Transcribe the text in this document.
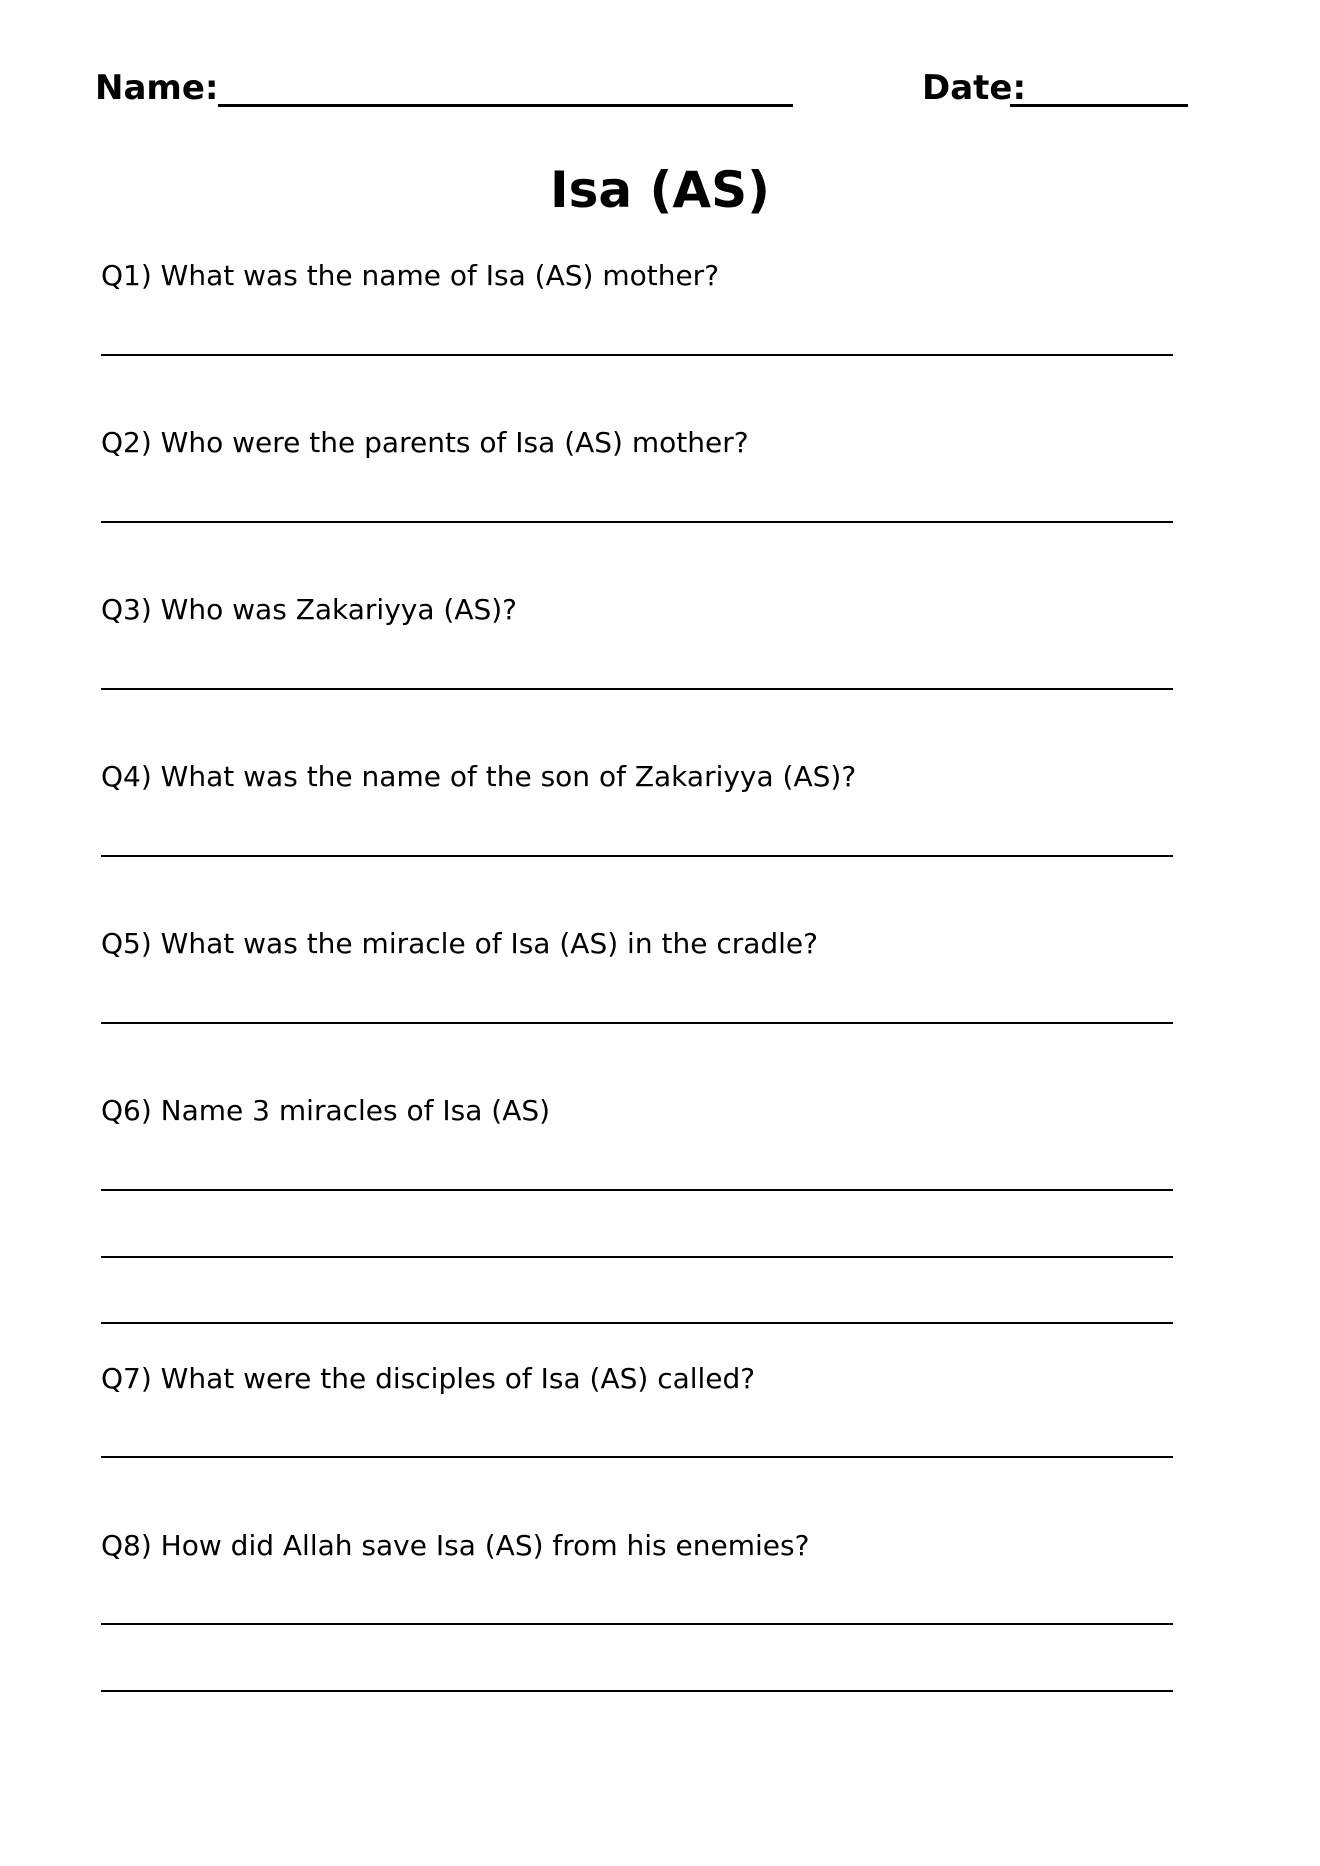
Name:	Date:
Isa (AS)
Q1) What was the name of Isa (AS) mother?
Q2) Who were the parents of Isa (AS) mother?
Q3) Who was Zakariyya (AS)?
Q4) What was the name of the son of Zakariyya (AS)?
Q5) What was the miracle of Isa (AS) in the cradle?
Q6) Name 3 miracles of Isa (AS)
Q7) What were the disciples of Isa (AS) called?
Q8) How did Allah save Isa (AS) from his enemies?
